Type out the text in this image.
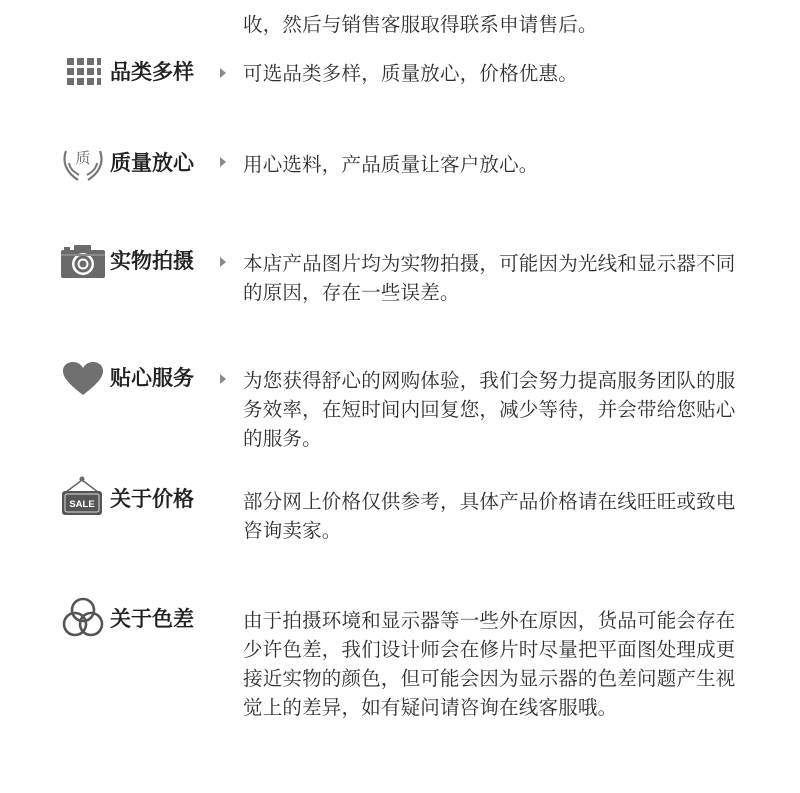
收，然后与销售客服取得联系申请售后。
品类多样	可选品类多样，质量放心，价格优惠。
质 质量放心	用心选料，产品质量让客户放心。
实物拍摄	本店产品图片均为实物拍摄，可能因为光线和显示器不同的原因，存在一些误差。
贴心服务	为您获得舒心的网购体验，我们会努力提高服务团队的服务效率，在短时间内回复您，减少等待，并会带给您贴心的服务。
SALE 关于价格	部分网上价格仅供参考，具体产品价格请在线旺旺或致电咨询卖家。
关于色差	由于拍摄环境和显示器等一些外在原因，货品可能会存在少许色差，我们设计师会在修片时尽量把平面图处理成更接近实物的颜色，但可能会因为显示器的色差问题产生视觉上的差异，如有疑问请咨询在线客服哦。
